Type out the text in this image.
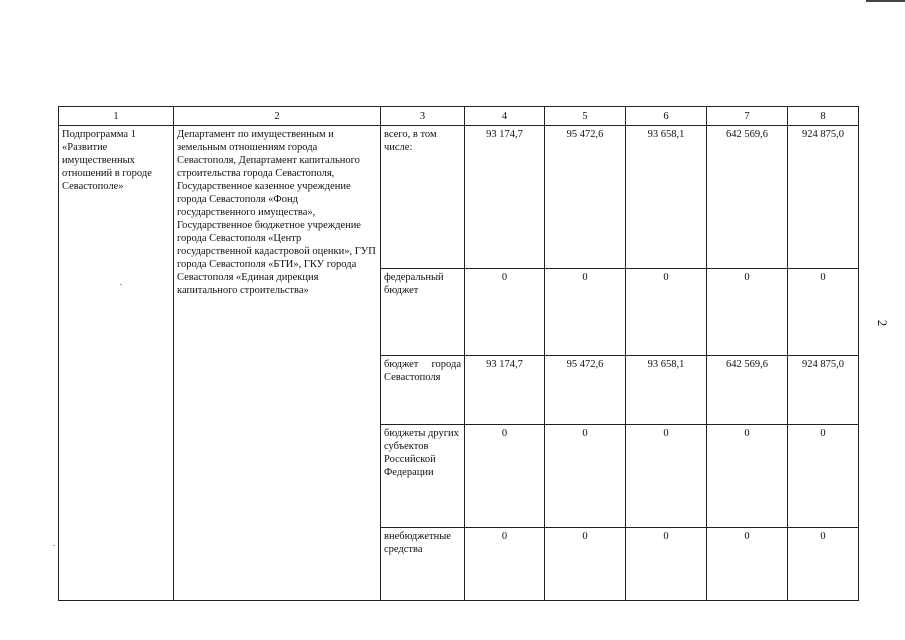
1	2	3	4	5	6	7	8
Подпрограмма 1 «Развитие имущественных отношений в городе Севастополе»	Департамент по имущественным и земельным отношениям города Севастополя, Департамент капитального строительства города Севастополя, Государственное казенное учреждение города Севастополя «Фонд государственного имущества», Государственное бюджетное учреждение города Севастополя «Центр государственной кадастровой оценки», ГУП города Севастополя «БТИ», ГКУ города Севастополя «Единая дирекция капитального строительства»	всего, в том числе:	93 174,7	95 472,6	93 658,1	642 569,6	924 875,0
		федеральный бюджет	0	0	0	0	0

		бюджет города Севастополя	93 174,7	95 472,6	93 658,1	642 569,6	924 875,0
		бюджеты других субъектов Российской Федерации	0	0	0	0	0
		внебюджетные средства	0	0	0	0	0
2
